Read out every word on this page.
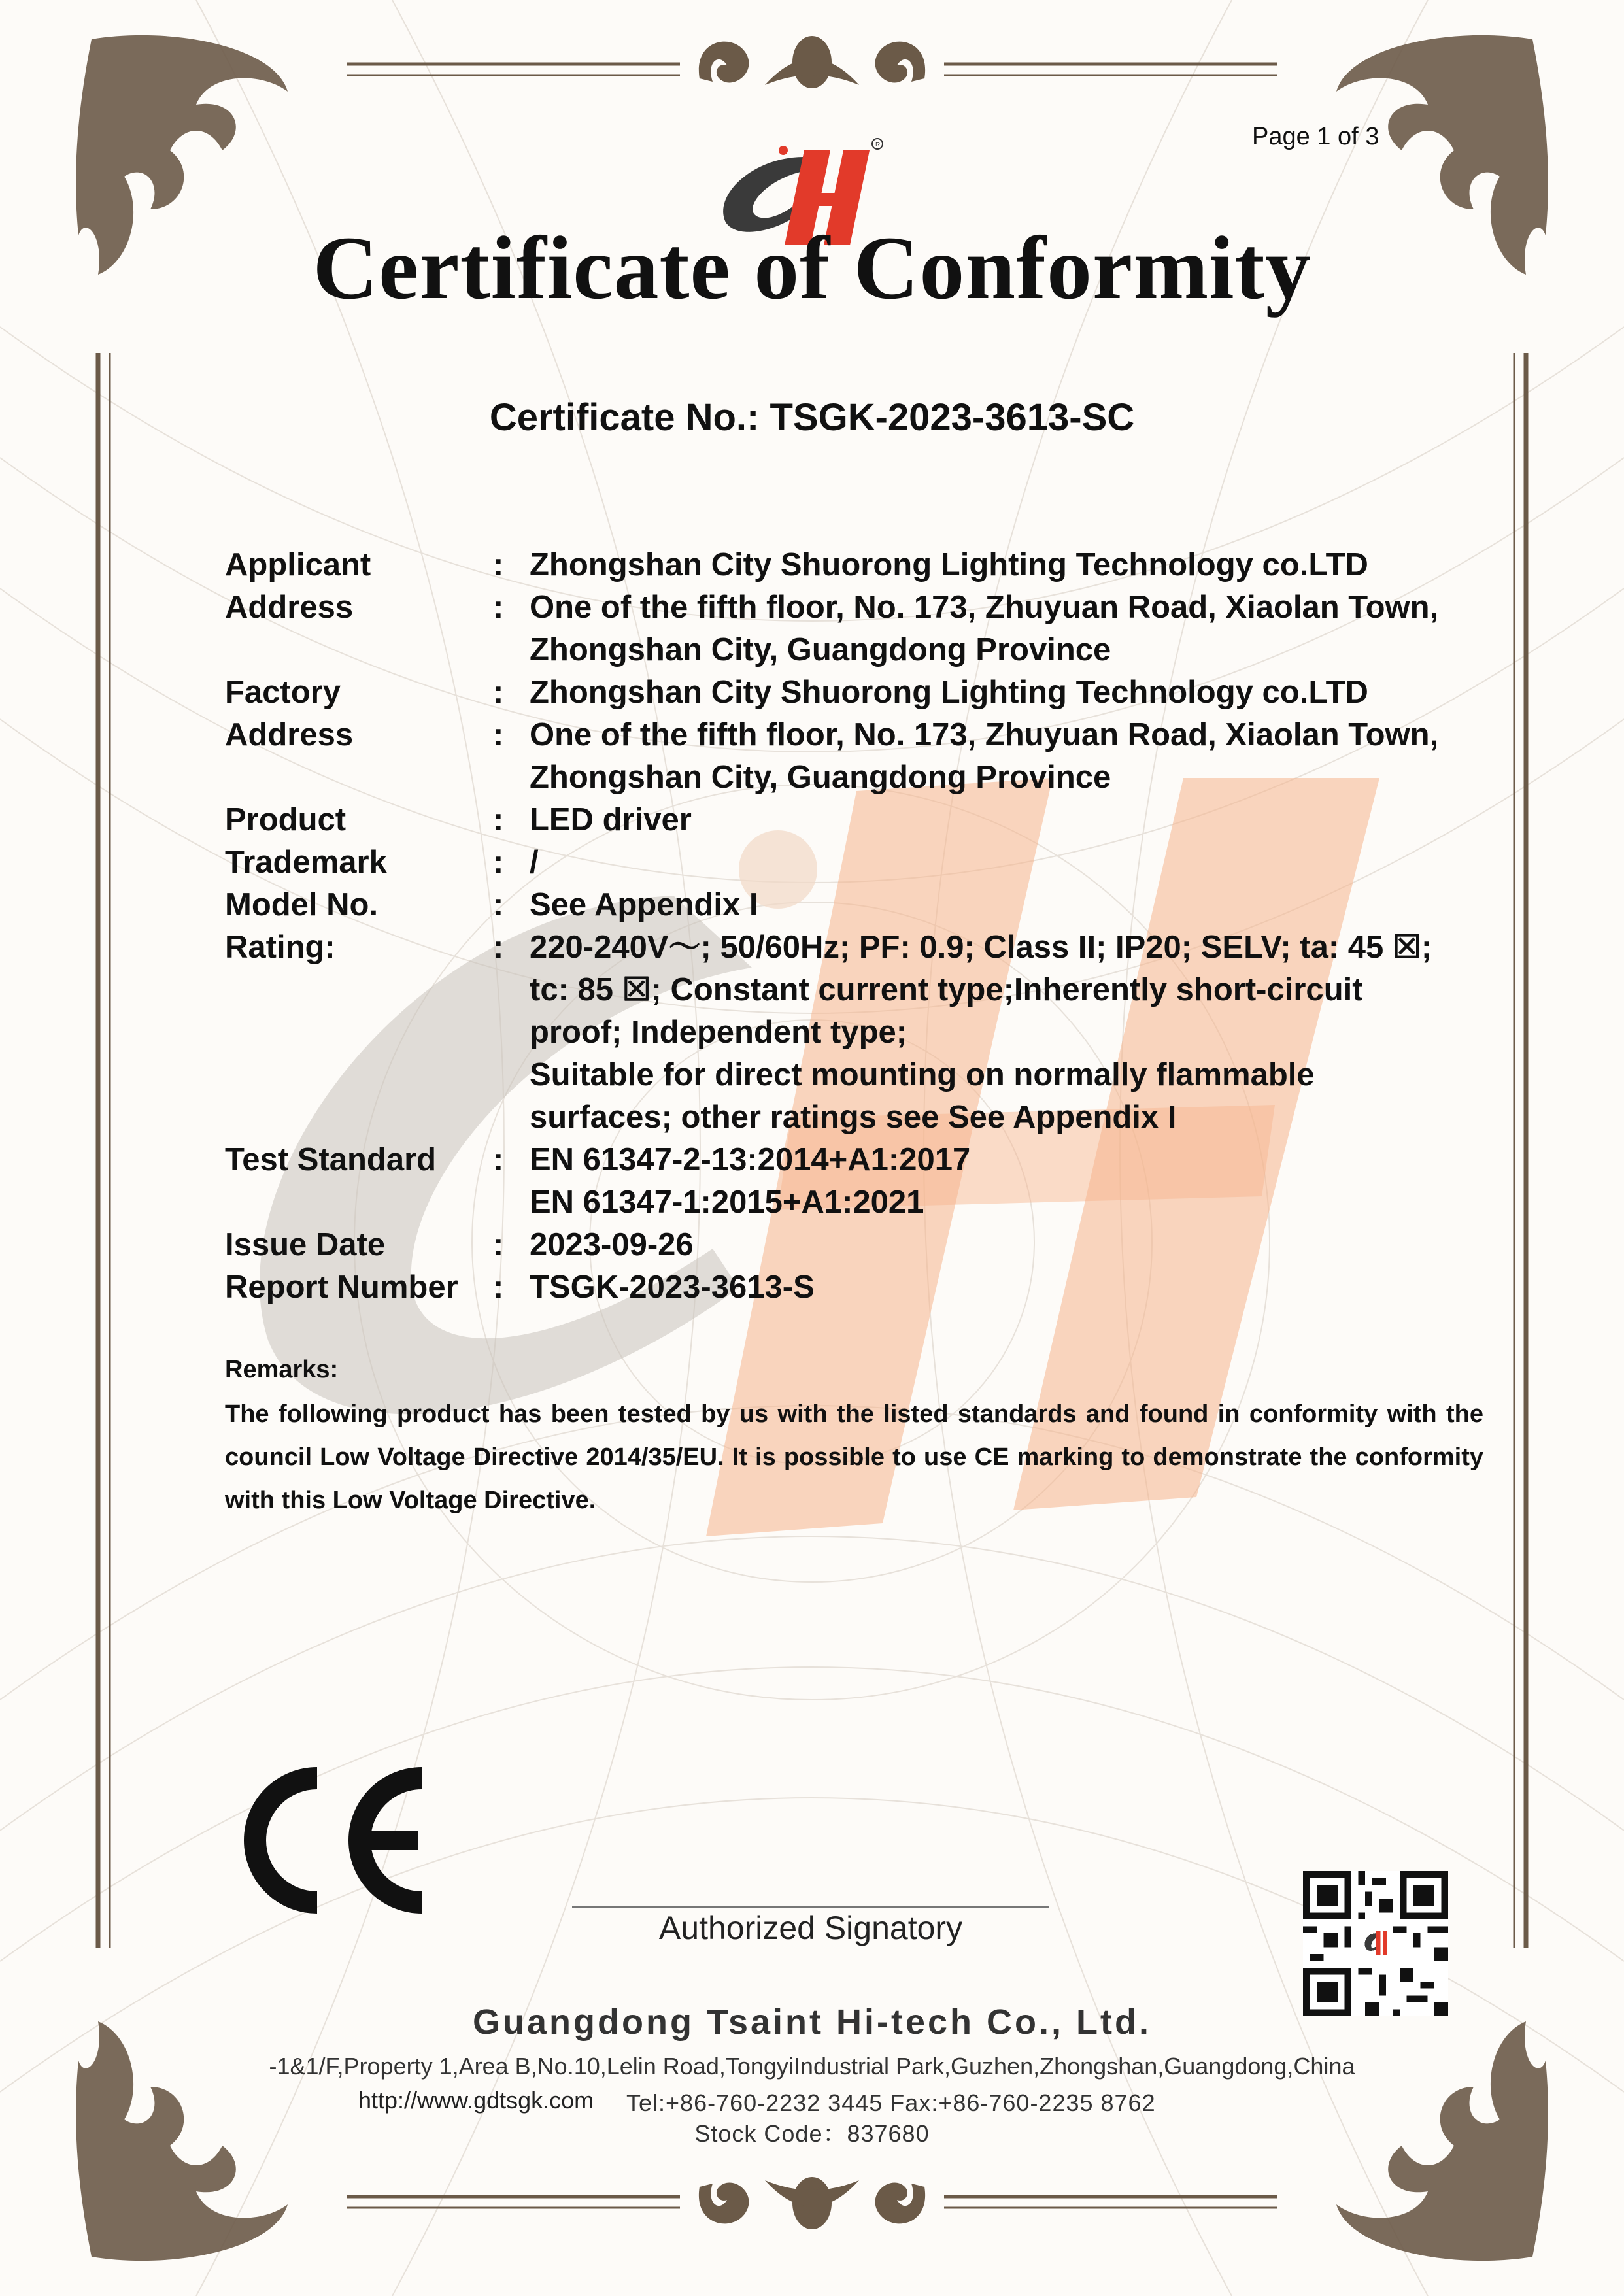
Page 1 of 3
R
Certificate of Conformity
Certificate No.: TSGK-2023-3613-SC
Applicant	: Zhongshan City Shuorong Lighting Technology co.LTD
Address	: One of the fifth floor, No. 173, Zhuyuan Road, Xiaolan Town,
Zhongshan City, Guangdong Province
Factory	: Zhongshan City Shuorong Lighting Technology co.LTD
Address	: One of the fifth floor, No. 173, Zhuyuan Road, Xiaolan Town,
Zhongshan City, Guangdong Province
Product	: LED driver
Trademark	: /
Model No.	: See Appendix I
Rating:	: 220-240V～; 50/60Hz; PF: 0.9; Class II; IP20; SELV; ta: 45 ☒;
tc: 85 ☒; Constant current type;Inherently short-circuit
proof; Independent type;
Suitable for direct mounting on normally flammable
surfaces; other ratings see See Appendix I
Test Standard	: EN 61347-2-13:2014+A1:2017
EN 61347-1:2015+A1:2021
Issue Date	: 2023-09-26
Report Number	: TSGK-2023-3613-S
Remarks:
The following product has been tested by us with the listed standards and found in conformity with the council Low Voltage Directive 2014/35/EU. It is possible to use CE marking to demonstrate the conformity with this Low Voltage Directive.
Authorized Signatory
Guangdong Tsaint Hi-tech Co., Ltd.
-1&1/F,Property 1,Area B,No.10,Lelin Road,TongyiIndustrial Park,Guzhen,Zhongshan,Guangdong,China
http://www.gdtsgk.com Tel:+86-760-2232 3445 Fax:+86-760-2235 8762
Stock Code：837680
